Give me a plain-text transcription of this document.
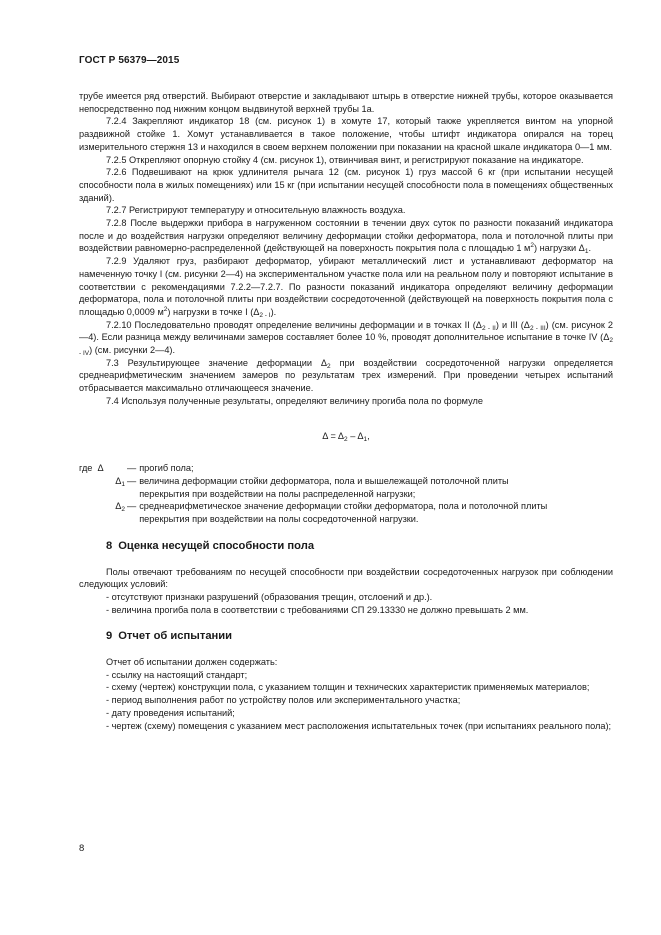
ГОСТ Р 56379—2015

трубе имеется ряд отверстий. Выбирают отверстие и закладывают штырь в отверстие нижней трубы, которое оказывается непосредственно под нижним концом выдвинутой верхней трубы 1а.

7.2.4 Закрепляют индикатор 18 (см. рисунок 1) в хомуте 17, который также укрепляется винтом на упорной раздвижной стойке 1. Хомут устанавливается в такое положение, чтобы штифт индикатора опирался на торец измерительного стержня 13 и находился в своем верхнем положении при показании на красной шкале индикатора 0—1 мм.

7.2.5 Открепляют опорную стойку 4 (см. рисунок 1), отвинчивая винт, и регистрируют показание на индикаторе.

7.2.6 Подвешивают на крюк удлинителя рычага 12 (см. рисунок 1) груз массой 6 кг (при испытании несущей способности пола в жилых помещениях) или 15 кг (при испытании несущей способности пола в помещениях общественных зданий).

7.2.7 Регистрируют температуру и относительную влажность воздуха.

7.2.8 После выдержки прибора в нагруженном состоянии в течении двух суток по разности показаний индикатора после и до воздействия нагрузки определяют величину деформации стойки деформатора, пола и потолочной плиты при воздействии равномерно-распределенной (действующей на поверхность покрытия пола с площадью 1 $м^2$) нагрузки $\Delta_1$.

7.2.9 Удаляют груз, разбирают деформатор, убирают металлический лист и устанавливают деформатор на намеченную точку I (см. рисунки 2—4) на экспериментальном участке пола или на реальном полу и повторяют испытание в соответствии с рекомендациями 7.2.2—7.2.7. По разности показаний индикатора определяют величину деформации деформатора, пола и потолочной плиты при воздействии сосредоточенной (действующей на поверхность покрытия пола с площадью 0,0009 $м^2$) нагрузки в точке I $(\Delta_{2 - I})$.

7.2.10 Последовательно проводят определение величины деформации и в точках II $(\Delta_{2 - II})$ и III $(\Delta_{2 - III})$ (см. рисунок 2—4). Если разница между величинами замеров составляет более 10 %, проводят дополнительное испытание в точке IV $(\Delta_{2 - IV})$ (см. рисунки 2—4).

7.3 Результирующее значение деформации $\Delta_2$ при воздействии сосредоточенной нагрузки определяется среднеарифметическим значением замеров по результатам трех измерений. При проведении четырех испытаний отбрасывается максимально отличающееся значение.

7.4 Используя полученные результаты, определяют величину прогиба пола по формуле

$\Delta = \Delta_2 - \Delta_1$,
где Δ	— прогиб пола;
$\Delta_1$ — величина деформации стойки деформатора, пола и вышележащей потолочной плиты
перекрытия при воздействии на полы распределенной нагрузки;
$\Delta_2$ — среднеарифметическое значение деформации стойки деформатора, пола и потолочной плиты
перекрытия при воздействии на полы сосредоточенной нагрузки.
8 Оценка несущей способности пола

Полы отвечают требованиям по несущей способности при воздействии сосредоточенных нагрузок при соблюдении следующих условий:

- отсутствуют признаки разрушений (образования трещин, отслоений и др.).

- величина прогиба пола в соответствии с требованиями СП 29.13330 не должно превышать 2 мм.

9 Отчет об испытании

Отчет об испытании должен содержать:

- ссылку на настоящий стандарт;

- схему (чертеж) конструкции пола, с указанием толщин и технических характеристик применяемых материалов;

- период выполнения работ по устройству полов или экспериментального участка;

- дату проведения испытаний;

- чертеж (схему) помещения с указанием мест расположения испытательных точек (при испытаниях реального пола);

8
